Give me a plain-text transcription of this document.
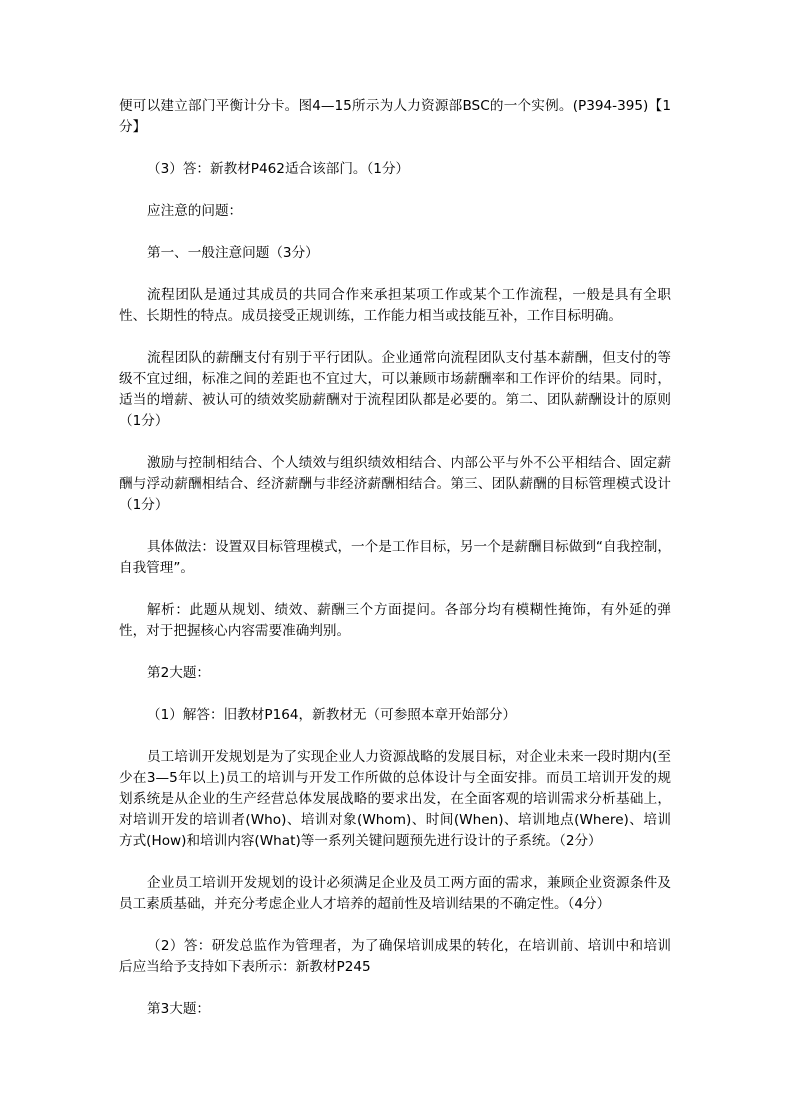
便可以建立部门平衡计分卡。图4—15所示为人力资源部BSC的一个实例。(P394-395)【1分】

（3）答：新教材P462适合该部门。（1分）

应注意的问题：

第一、一般注意问题（3分）

流程团队是通过其成员的共同合作来承担某项工作或某个工作流程，一般是具有全职性、长期性的特点。成员接受正规训练，工作能力相当或技能互补，工作目标明确。

流程团队的薪酬支付有别于平行团队。企业通常向流程团队支付基本薪酬，但支付的等级不宜过细，标准之间的差距也不宜过大，可以兼顾市场薪酬率和工作评价的结果。同时，适当的增薪、被认可的绩效奖励薪酬对于流程团队都是必要的。第二、团队薪酬设计的原则（1分）

激励与控制相结合、个人绩效与组织绩效相结合、内部公平与外不公平相结合、固定薪酬与浮动薪酬相结合、经济薪酬与非经济薪酬相结合。第三、团队薪酬的目标管理模式设计（1分）

具体做法：设置双目标管理模式，一个是工作目标，另一个是薪酬目标做到“自我控制，自我管理”。

解析：此题从规划、绩效、薪酬三个方面提问。各部分均有模糊性掩饰，有外延的弹性，对于把握核心内容需要准确判别。

第2大题：

（1）解答：旧教材P164，新教材无（可参照本章开始部分）

员工培训开发规划是为了实现企业人力资源战略的发展目标，对企业未来一段时期内(至少在3—5年以上)员工的培训与开发工作所做的总体设计与全面安排。而员工培训开发的规划系统是从企业的生产经营总体发展战略的要求出发，在全面客观的培训需求分析基础上，对培训开发的培训者(Who)、培训对象(Whom)、时间(When)、培训地点(Where)、培训方式(How)和培训内容(What)等一系列关键问题预先进行设计的子系统。（2分）

企业员工培训开发规划的设计必须满足企业及员工两方面的需求，兼顾企业资源条件及员工素质基础，并充分考虑企业人才培养的超前性及培训结果的不确定性。（4分）

（2）答：研发总监作为管理者，为了确保培训成果的转化，在培训前、培训中和培训后应当给予支持如下表所示：新教材P245

第3大题：
